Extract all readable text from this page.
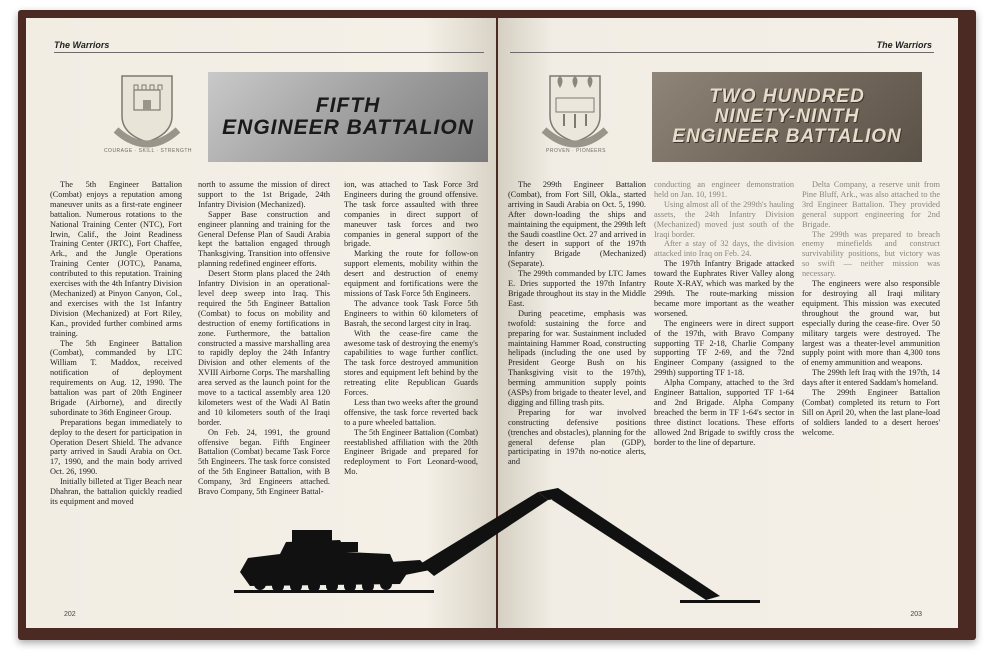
The Warriors
COURAGE · SKILL · STRENGTH
FIFTH
ENGINEER BATTALION

The 5th Engineer Battalion (Combat) enjoys a reputation among maneuver units as a first-rate engineer battalion. Numerous rotations to the National Training Center (NTC), Fort Irwin, Calif., the Joint Readiness Training Center (JRTC), Fort Chaffee, Ark., and the Jungle Operations Training Center (JOTC), Panama, contributed to this reputation. Training exercises with the 4th Infantry Division (Mechanized) at Pinyon Canyon, Col., and exercises with the 1st Infantry Division (Mechanized) at Fort Riley, Kan., provided further combined arms training.

The 5th Engineer Battalion (Combat), commanded by LTC William T. Maddox, received notification of deployment requirements on Aug. 12, 1990. The battalion was part of 20th Engineer Brigade (Airborne), and directly subordinate to 36th Engineer Group.

Preparations began immediately to deploy to the desert for participation in Operation Desert Shield. The advance party arrived in Saudi Arabia on Oct. 17, 1990, and the main body arrived Oct. 26, 1990.

Initially billeted at Tiger Beach near Dhahran, the battalion quickly readied its equipment and moved

north to assume the mission of direct support to the 1st Brigade, 24th Infantry Division (Mechanized).

Sapper Base construction and engineer planning and training for the General Defense Plan of Saudi Arabia kept the battalion engaged through Thanksgiving. Transition into offensive planning redefined engineer efforts.

Desert Storm plans placed the 24th Infantry Division in an operational-level deep sweep into Iraq. This required the 5th Engineer Battalion (Combat) to focus on mobility and destruction of enemy fortifications in zone. Furthermore, the battalion constructed a massive marshalling area to rapidly deploy the 24th Infantry Division and other elements of the XVIII Airborne Corps. The marshalling area served as the launch point for the move to a tactical assembly area 120 kilometers west of the Wadi Al Batin and 10 kilometers south of the Iraqi border.

On Feb. 24, 1991, the ground offensive began. Fifth Engineer Battalion (Combat) became Task Force 5th Engineers. The task force consisted of the 5th Engineer Battalion, with B Company, 3rd Engineers attached. Bravo Company, 5th Engineer Battal-

ion, was attached to Task Force 3rd Engineers during the ground offensive. The task force assaulted with three companies in direct support of maneuver task forces and two companies in general support of the brigade.

Marking the route for follow-on support elements, mobility within the desert and destruction of enemy equipment and fortifications were the missions of Task Force 5th Engineers.

The advance took Task Force 5th Engineers to within 60 kilometers of Basrah, the second largest city in Iraq.

With the cease-fire came the awesome task of destroying the enemy's capabilities to wage further conflict. The task force destroyed ammunition stores and equipment left behind by the retreating elite Republican Guards Forces.

Less than two weeks after the ground offensive, the task force reverted back to a pure wheeled battalion.

The 5th Engineer Battalion (Combat) reestablished affiliation with the 20th Engineer Brigade and prepared for redeployment to Fort Leonard-wood, Mo.

202
The Warriors
PROVEN · PIONEERS
TWO HUNDRED
NINETY-NINTH
ENGINEER BATTALION

The 299th Engineer Battalion (Combat), from Fort Sill, Okla., started arriving in Saudi Arabia on Oct. 5, 1990. After down-loading the ships and maintaining the equipment, the 299th left the Saudi coastline Oct. 27 and arrived in the desert in support of the 197th Infantry Brigade (Mechanized) (Separate).

The 299th commanded by LTC James E. Dries supported the 197th Infantry Brigade throughout its stay in the Middle East.

During peacetime, emphasis was twofold: sustaining the force and preparing for war. Sustainment included maintaining Hammer Road, constructing helipads (including the one used by President George Bush on his Thanksgiving visit to the 197th), berming ammunition supply points (ASPs) from brigade to theater level, and digging and filling trash pits.

Preparing for war involved constructing defensive positions (trenches and obstacles), planning for the general defense plan (GDP), participating in 197th no-notice alerts, and

conducting an engineer demonstration held on Jan. 10, 1991.

Using almost all of the 299th's hauling assets, the 24th Infantry Division (Mechanized) moved just south of the Iraqi border.

After a stay of 32 days, the division attacked into Iraq on Feb. 24.

The 197th Infantry Brigade attacked toward the Euphrates River Valley along Route X-RAY, which was marked by the 299th. The route-marking mission became more important as the weather worsened.

The engineers were in direct support of the 197th, with Bravo Company supporting TF 2-18, Charlie Company supporting TF 2-69, and the 72nd Engineer Company (assigned to the 299th) supporting TF 1-18.

Alpha Company, attached to the 3rd Engineer Battalion, supported TF 1-64 and 2nd Brigade. Alpha Company breached the berm in TF 1-64's sector in three distinct locations. These efforts allowed 2nd Brigade to swiftly cross the border to the line of departure.

Delta Company, a reserve unit from Pine Bluff, Ark., was also attached to the 3rd Engineer Battalion. They provided general support engineering for 2nd Brigade.

The 299th was prepared to breach enemy minefields and construct survivability positions, but victory was so swift — neither mission was necessary.

The engineers were also responsible for destroying all Iraqi military equipment. This mission was executed throughout the ground war, but especially during the cease-fire. Over 50 military targets were destroyed. The largest was a theater-level ammunition supply point with more than 4,300 tons of enemy ammunition and weapons.

The 299th left Iraq with the 197th, 14 days after it entered Saddam's homeland.

The 299th Engineer Battalion (Combat) completed its return to Fort Sill on April 20, when the last plane-load of soldiers landed to a desert heroes' welcome.

203
